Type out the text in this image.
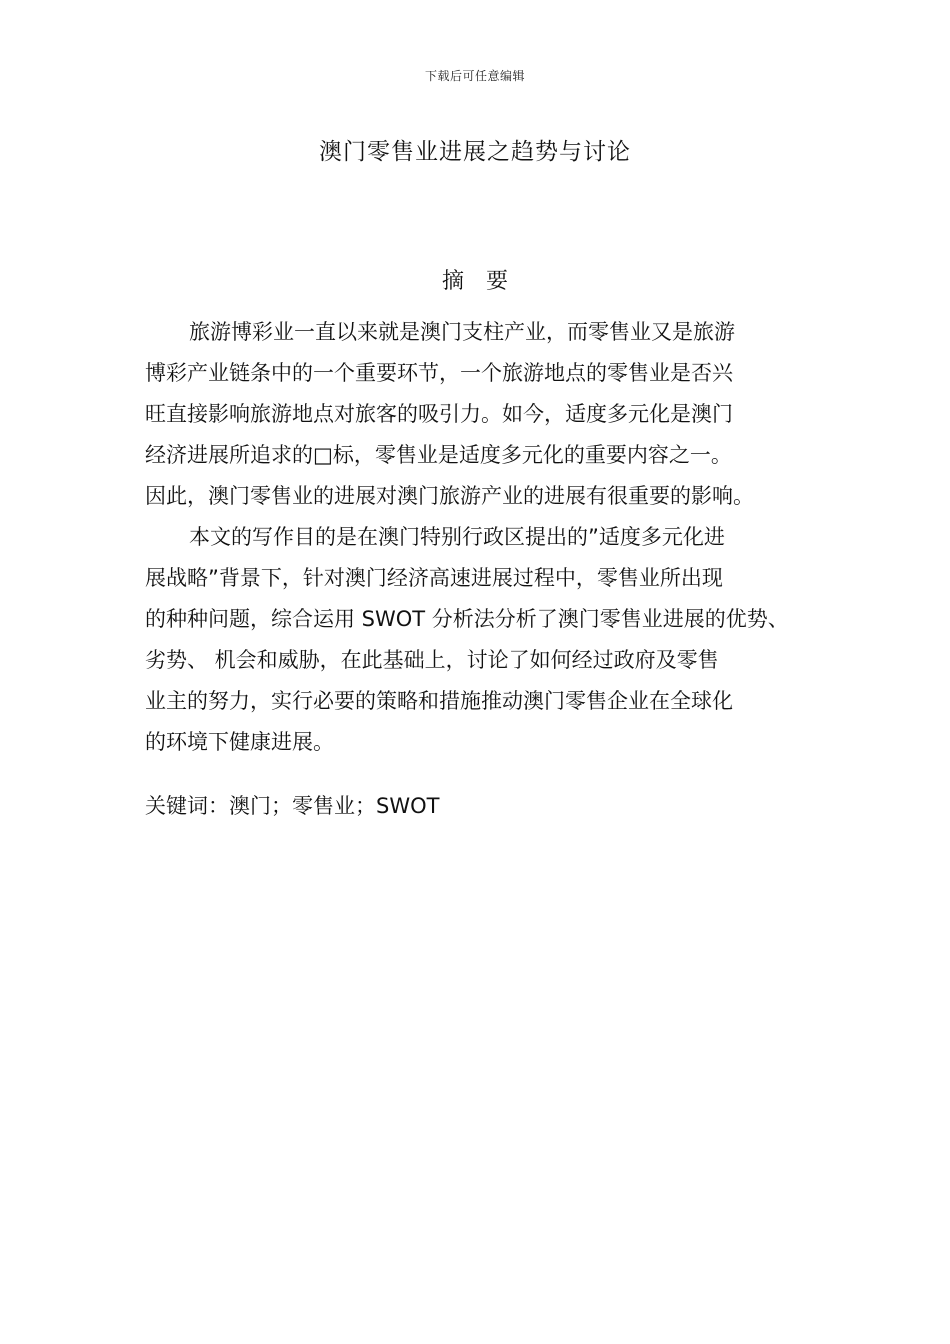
下载后可任意编辑
澳门零售业进展之趋势与讨论
摘要
旅游博彩业一直以来就是澳门支柱产业，而零售业又是旅游
博彩产业链条中的一个重要环节，一个旅游地点的零售业是否兴
旺直接影响旅游地点对旅客的吸引力。如今，适度多元化是澳门
经济进展所追求的□标，零售业是适度多元化的重要内容之一。
因此，澳门零售业的进展对澳门旅游产业的进展有很重要的影响。
本文的写作目的是在澳门特别行政区提出的”适度多元化进
展战略”背景下，针对澳门经济高速进展过程中，零售业所出现
的种种问题，综合运用 SWOT 分析法分析了澳门零售业进展的优势、
劣势、 机会和威胁，在此基础上，讨论了如何经过政府及零售
业主的努力，实行必要的策略和措施推动澳门零售企业在全球化
的环境下健康进展。
关键词：澳门；零售业；SWOT
